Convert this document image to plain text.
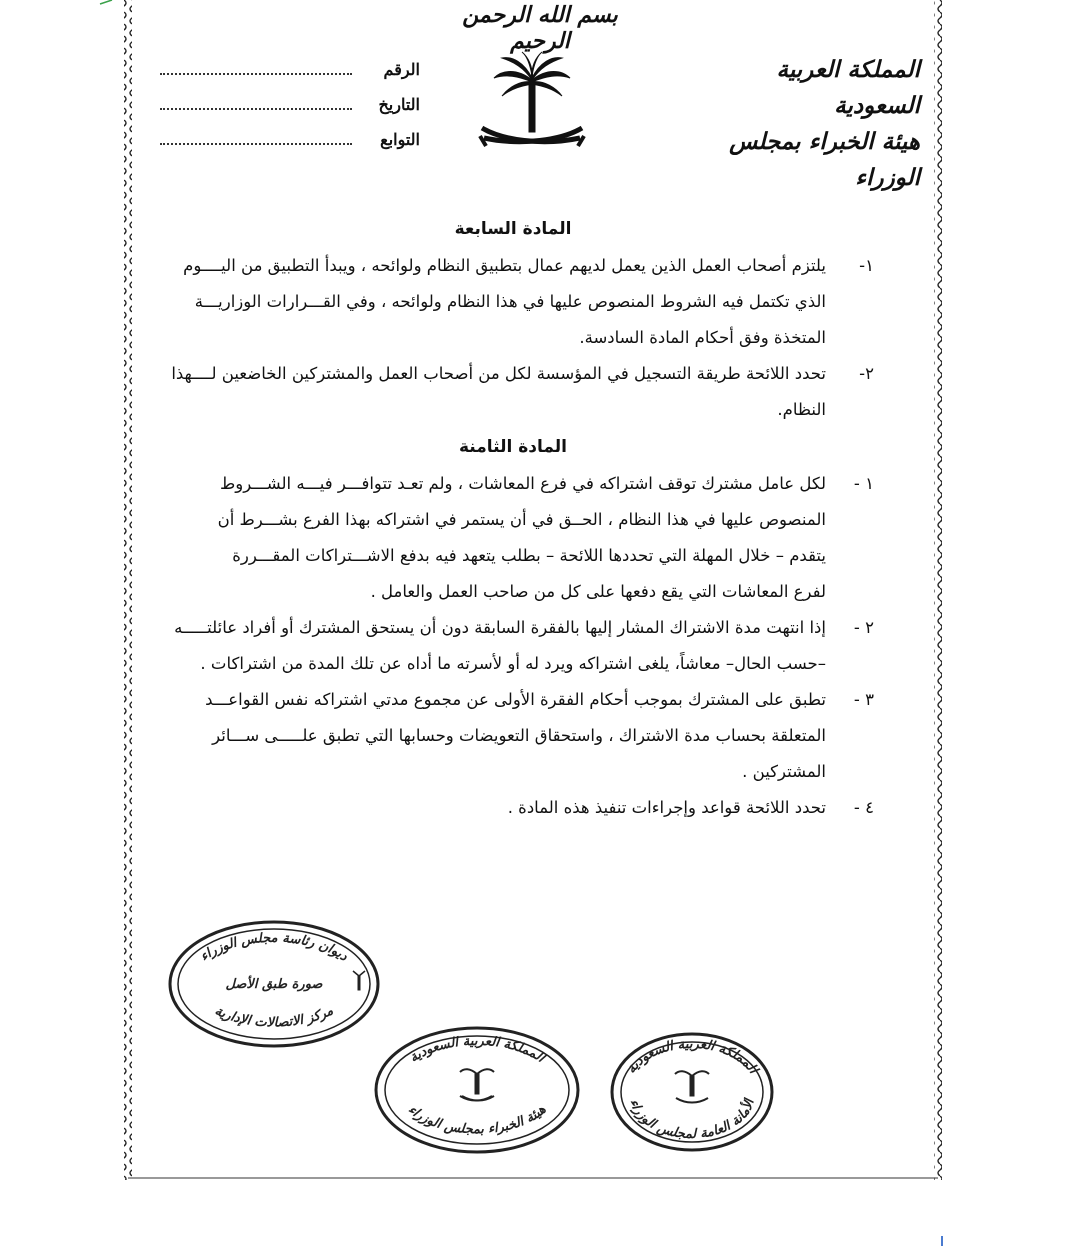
بسم الله الرحمن الرحيم
المملكة العربية السعودية
هيئة الخبراء بمجلس الوزراء
الرقم
التاريخ
التوابع
المادة السابعة
١-
يلتزم أصحاب العمل الذين يعمل لديهم عمال بتطبيق النظام ولوائحه ، ويبدأ التطبيق من اليــــوم
الذي تكتمل فيه الشروط المنصوص عليها في هذا النظام ولوائحه ، وفي القـــرارات الوزاريـــة
المتخذة وفق أحكام المادة السادسة.
٢-
تحدد اللائحة طريقة التسجيل في المؤسسة لكل من أصحاب العمل والمشتركين الخاضعين لــــهذا
النظام.
المادة الثامنة
١ -
لكل عامل مشترك توقف اشتراكه في فرع المعاشات ، ولم تعـد تتوافـــر فيـــه الشـــروط
المنصوص عليها في هذا النظام ، الحــق في أن يستمر في اشتراكه بهذا الفرع بشـــرط أن
يتقدم – خلال المهلة التي تحددها اللائحة – بطلب يتعهد فيه بدفع الاشـــتراكات المقـــررة
لفرع المعاشات التي يقع دفعها على كل من صاحب العمل والعامل .
٢ -
إذا انتهت مدة الاشتراك المشار إليها بالفقرة السابقة دون أن يستحق المشترك أو أفراد عائلتـــــه
–حسب الحال– معاشاً، يلغى اشتراكه ويرد له أو لأسرته ما أداه عن تلك المدة من اشتراكات .
٣ -
تطبق على المشترك بموجب أحكام الفقرة الأولى عن مجموع مدتي اشتراكه نفس القواعـــد
المتعلقة بحساب مدة الاشتراك ، واستحقاق التعويضات وحسابها التي تطبق علـــــى ســـائر
المشتركين .
٤ -
تحدد اللائحة قواعد وإجراءات تنفيذ هذه المادة .
ديوان رئاسة مجلس الوزراء
مركز الاتصالات الإدارية
صورة طبق الأصل
المملكة العربية السعودية
هيئة الخبراء بمجلس الوزراء
المملكة العربية السعودية
الأمانة العامة لمجلس الوزراء
